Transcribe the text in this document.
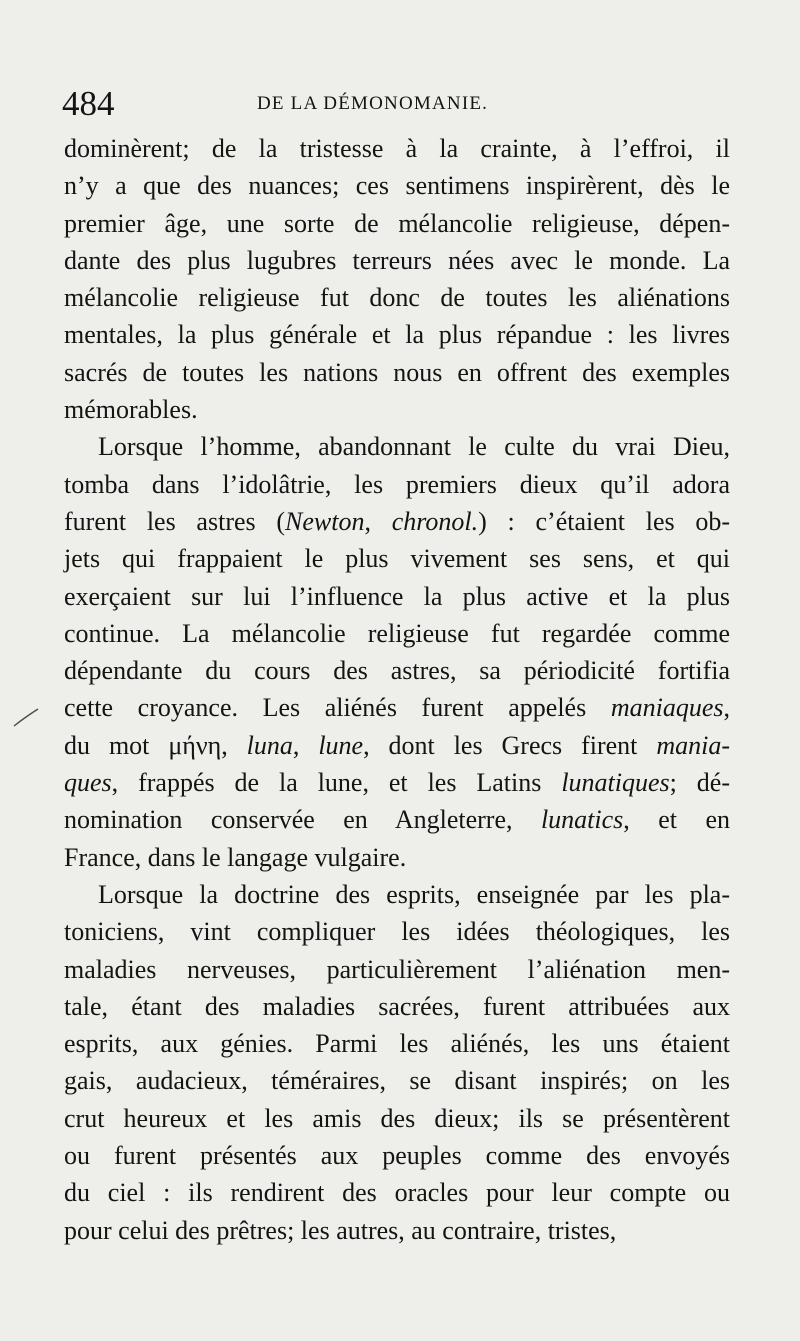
484	DE LA DÉMONOMANIE.
dominèrent; de la tristesse à la crainte, à l’effroi, il
n’y a que des nuances; ces sentimens inspirèrent, dès le
premier âge, une sorte de mélancolie religieuse, dépen-
dante des plus lugubres terreurs nées avec le monde. La
mélancolie religieuse fut donc de toutes les aliénations
mentales, la plus générale et la plus répandue : les livres
sacrés de toutes les nations nous en offrent des exemples
mémorables.
Lorsque l’homme, abandonnant le culte du vrai Dieu,
tomba dans l’idolâtrie, les premiers dieux qu’il adora
furent les astres (Newton, chronol.) : c’étaient les ob-
jets qui frappaient le plus vivement ses sens, et qui
exerçaient sur lui l’influence la plus active et la plus
continue. La mélancolie religieuse fut regardée comme
dépendante du cours des astres, sa périodicité fortifia
cette croyance. Les aliénés furent appelés maniaques,
du mot μήνη, luna, lune, dont les Grecs firent mania-
ques, frappés de la lune, et les Latins lunatiques; dé-
nomination conservée en Angleterre, lunatics, et en
France, dans le langage vulgaire.
Lorsque la doctrine des esprits, enseignée par les pla-
toniciens, vint compliquer les idées théologiques, les
maladies nerveuses, particulièrement l’aliénation men-
tale, étant des maladies sacrées, furent attribuées aux
esprits, aux génies. Parmi les aliénés, les uns étaient
gais, audacieux, téméraires, se disant inspirés; on les
crut heureux et les amis des dieux; ils se présentèrent
ou furent présentés aux peuples comme des envoyés
du ciel : ils rendirent des oracles pour leur compte ou
pour celui des prêtres; les autres, au contraire, tristes,
